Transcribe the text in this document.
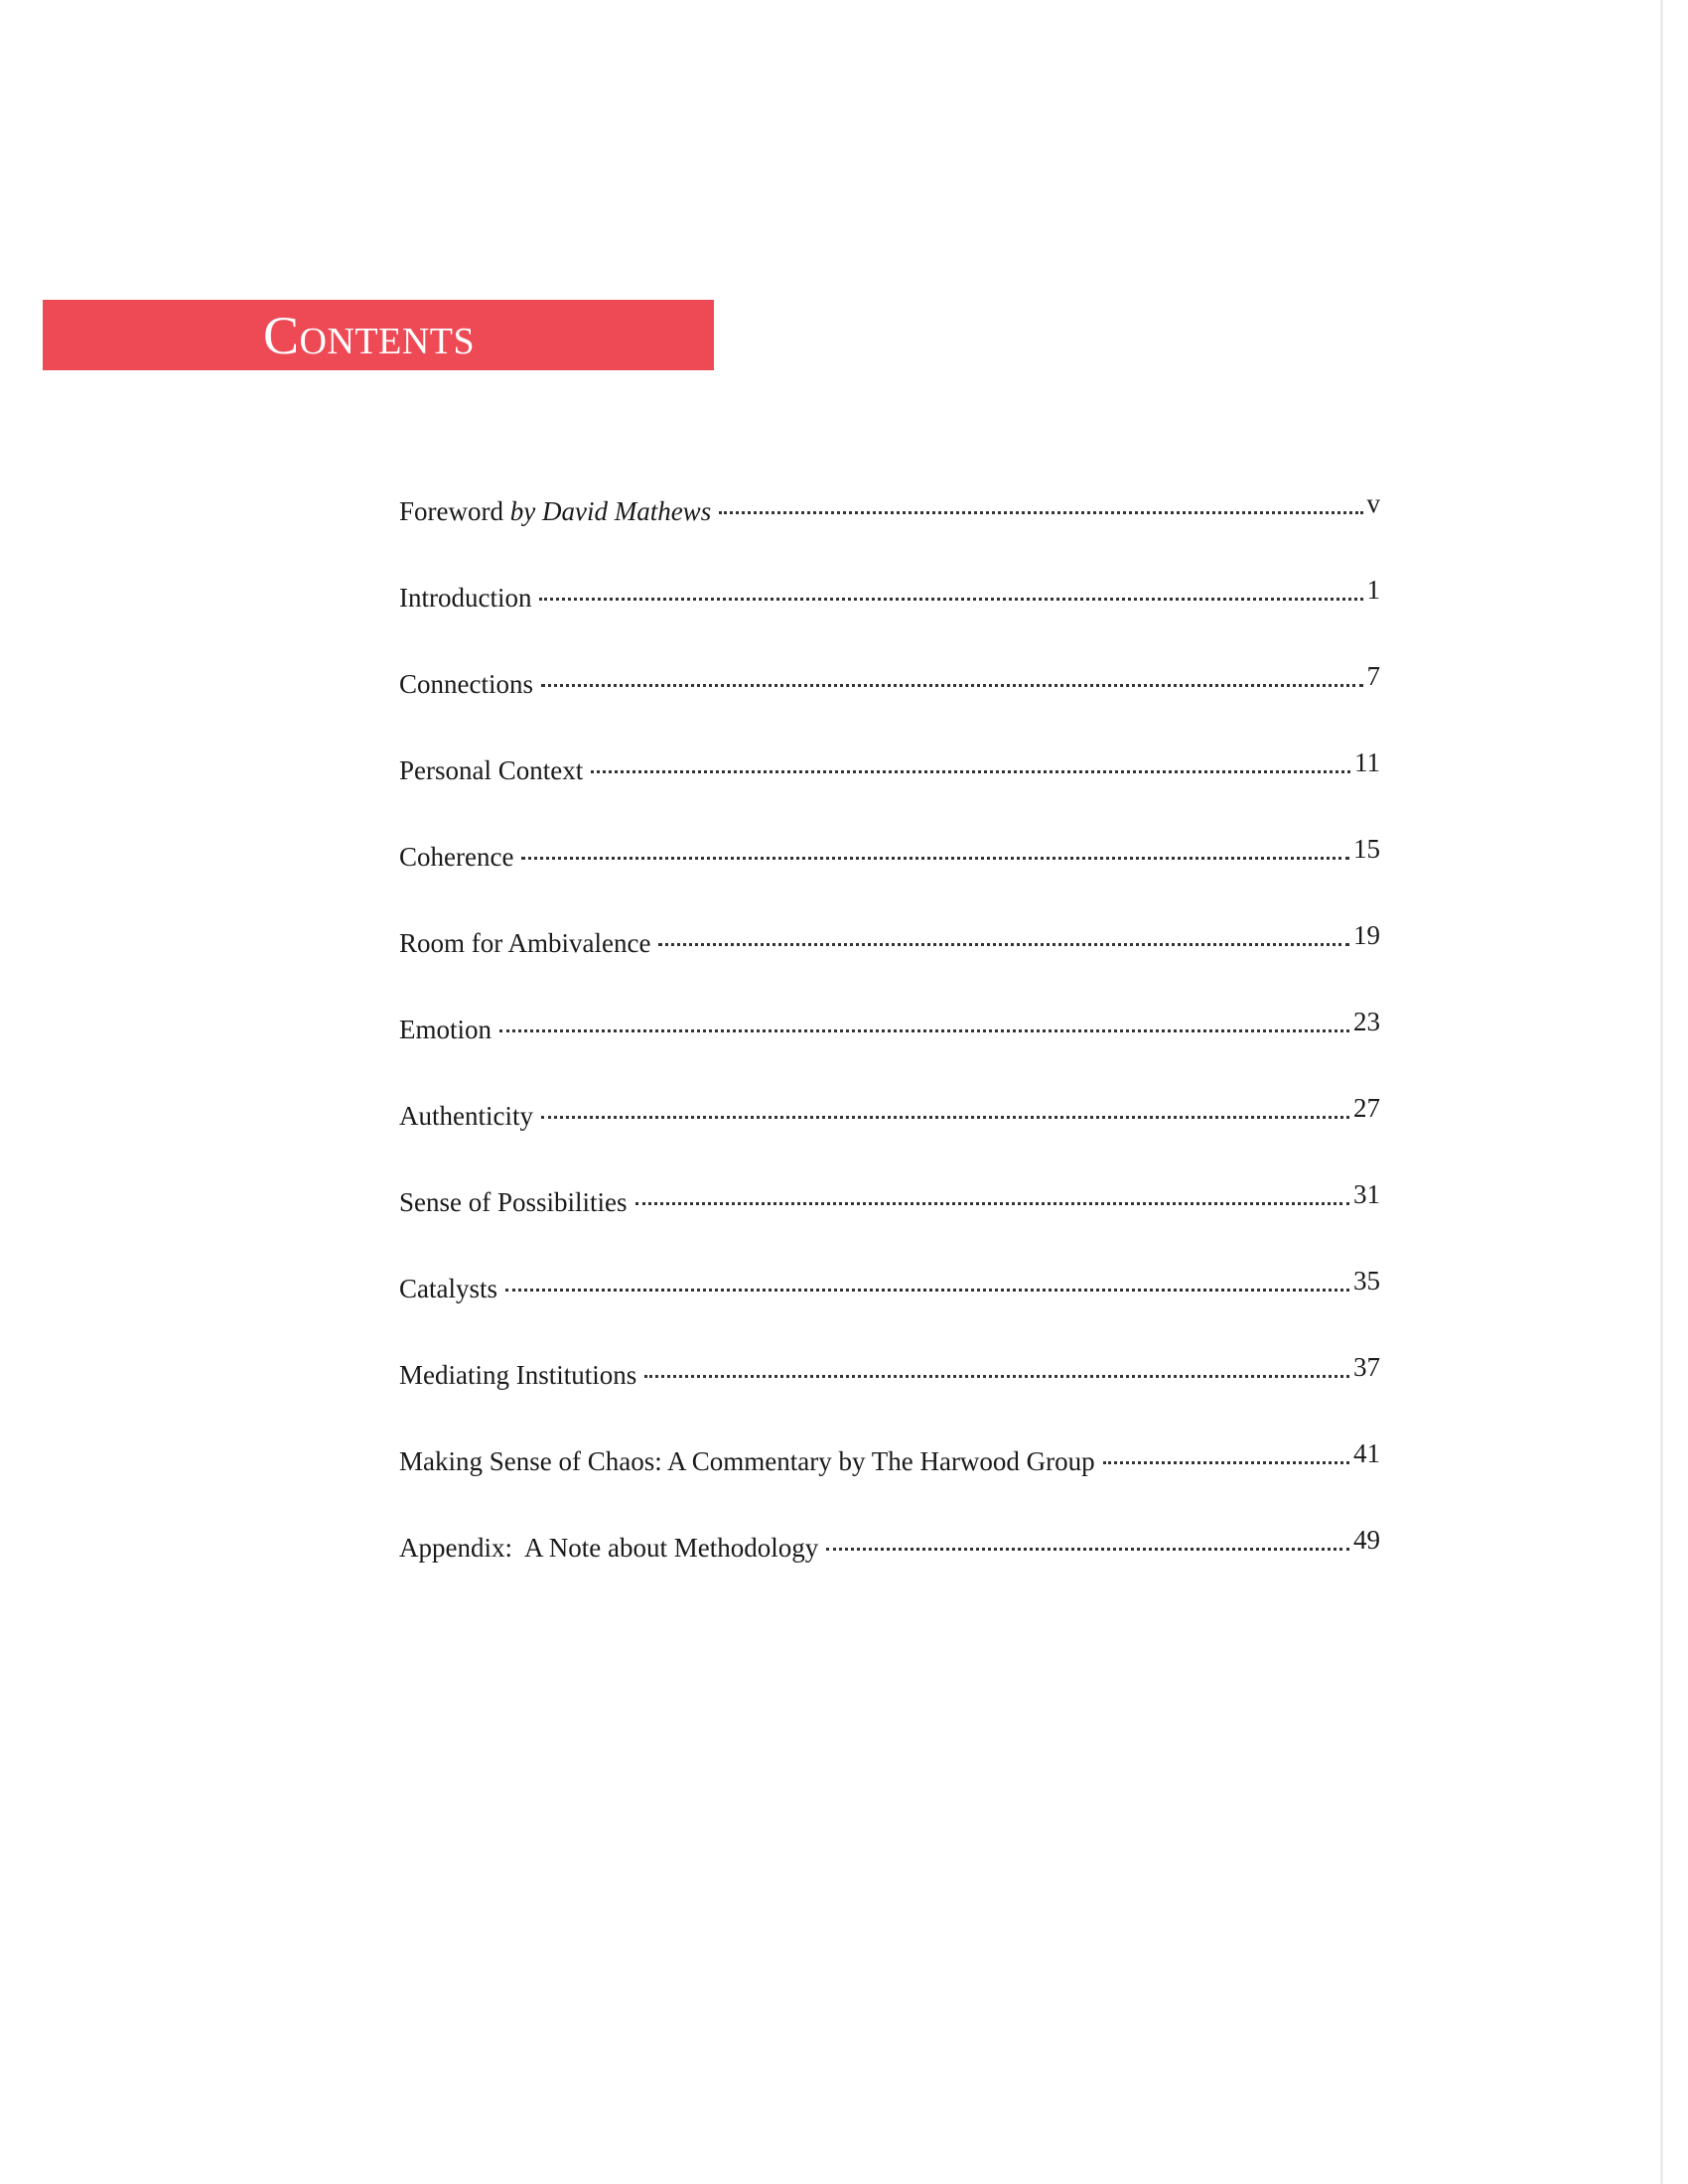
Contents
Foreword by David Mathews	v
Introduction	1
Connections	7
Personal Context	11
Coherence	15
Room for Ambivalence	19
Emotion	23
Authenticity	27
Sense of Possibilities	31
Catalysts	35
Mediating Institutions	37
Making Sense of Chaos: A Commentary by The Harwood Group	41
Appendix:  A Note about Methodology	49
